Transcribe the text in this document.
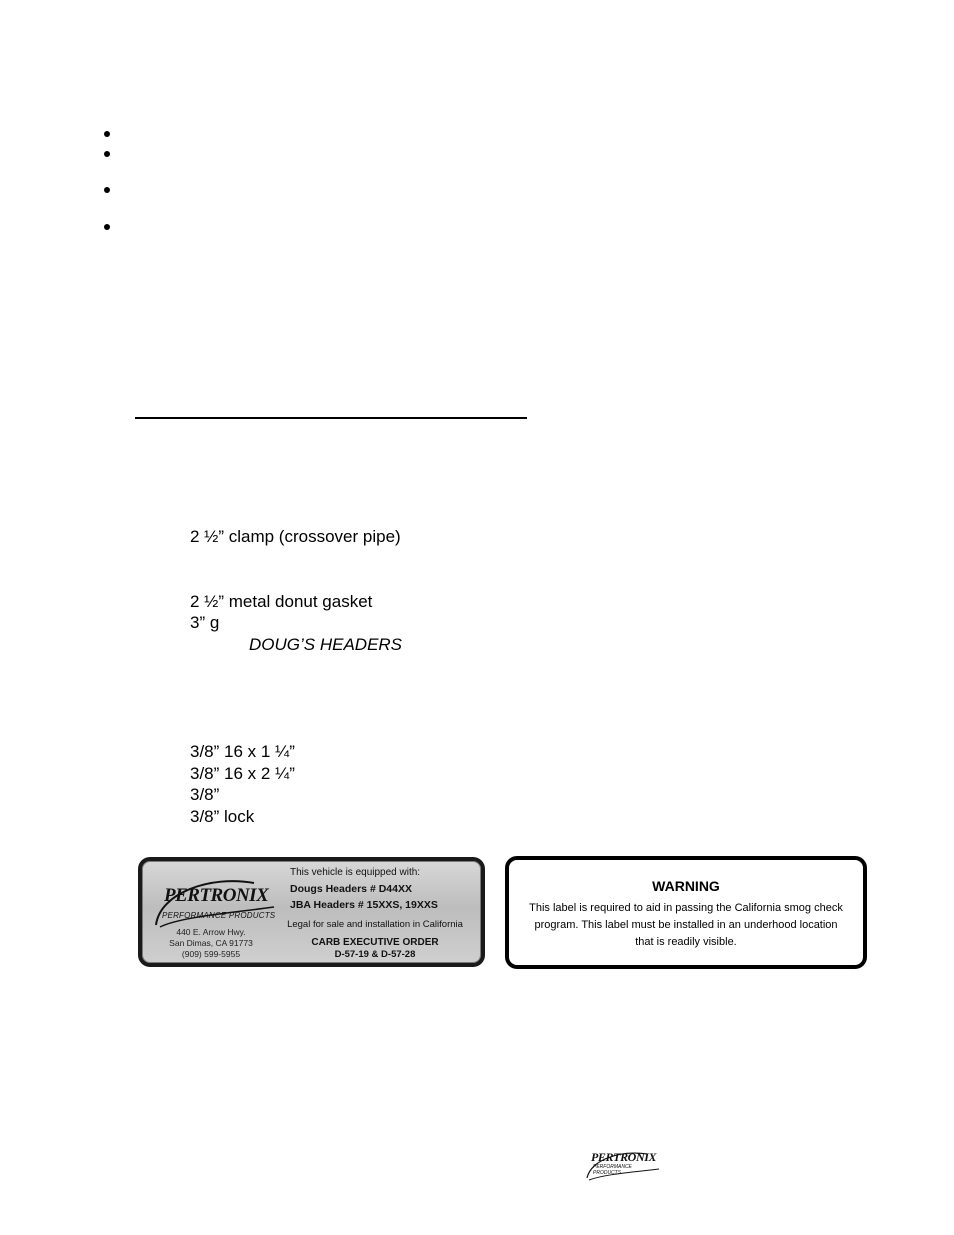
2 ½” clamp (crossover pipe)
2 ½” metal donut gasket
3” g
DOUG’S HEADERS
3/8” 16 x 1 ¼”
3/8” 16 x 2 ¼”
3/8”
3/8” lock
PERTRONIX
PERFORMANCE PRODUCTS
440 E. Arrow Hwy.
San Dimas, CA 91773
(909) 599-5955
This vehicle is equipped with:
Dougs Headers # D44XX
JBA Headers # 15XXS, 19XXS
Legal for sale and installation in California
CARB EXECUTIVE ORDER
D-57-19 & D-57-28
WARNING
This label is required to aid in passing the California smog check program. This label must be installed in an underhood location that is readily visible.
PERTRONIX
PERFORMANCE PRODUCTS
